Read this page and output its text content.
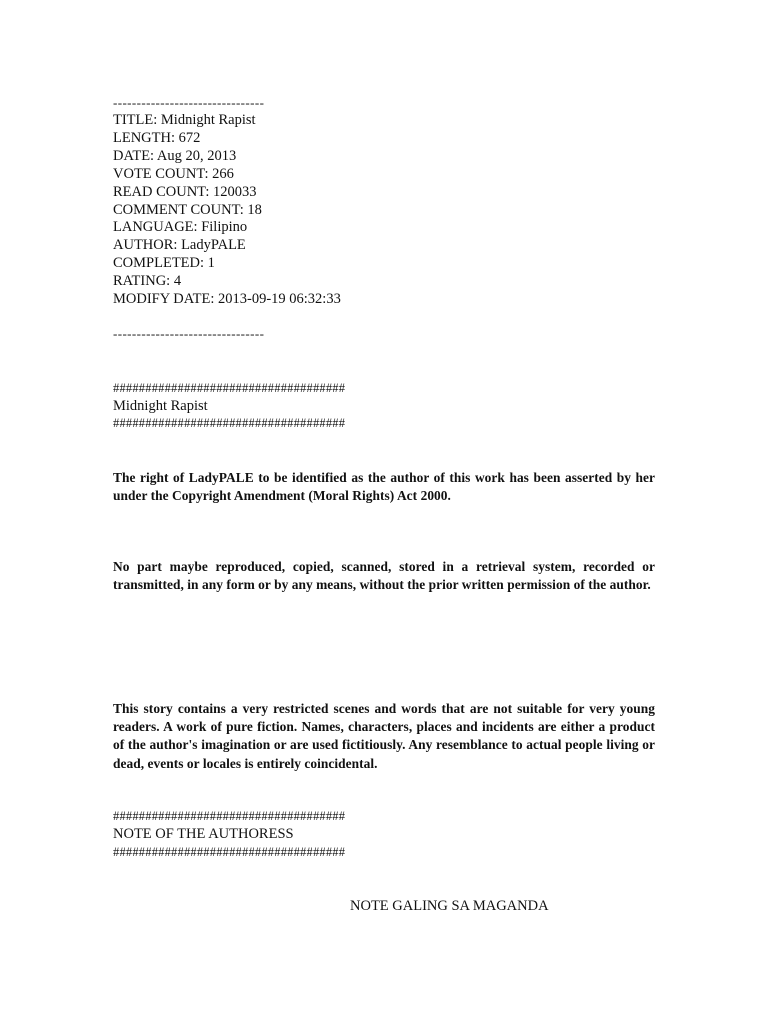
--------------------------------
TITLE: Midnight Rapist
LENGTH: 672
DATE: Aug 20, 2013
VOTE COUNT: 266
READ COUNT: 120033
COMMENT COUNT: 18
LANGUAGE: Filipino
AUTHOR: LadyPALE
COMPLETED: 1
RATING: 4
MODIFY DATE: 2013-09-19 06:32:33
--------------------------------
####################################
Midnight Rapist
####################################
The right of LadyPALE to be identified as the author of this work has been asserted by her under the Copyright Amendment (Moral Rights) Act 2000.
No part maybe reproduced, copied, scanned, stored in a retrieval system, recorded or transmitted, in any form or by any means, without the prior written permission of the author.
This story contains a very restricted scenes and words that are not suitable for very young readers. A work of pure fiction. Names, characters, places and incidents are either a product of the author's imagination or are used fictitiously. Any resemblance to actual people living or dead, events or locales is entirely coincidental.
####################################
NOTE OF THE AUTHORESS
####################################
NOTE GALING SA MAGANDA
